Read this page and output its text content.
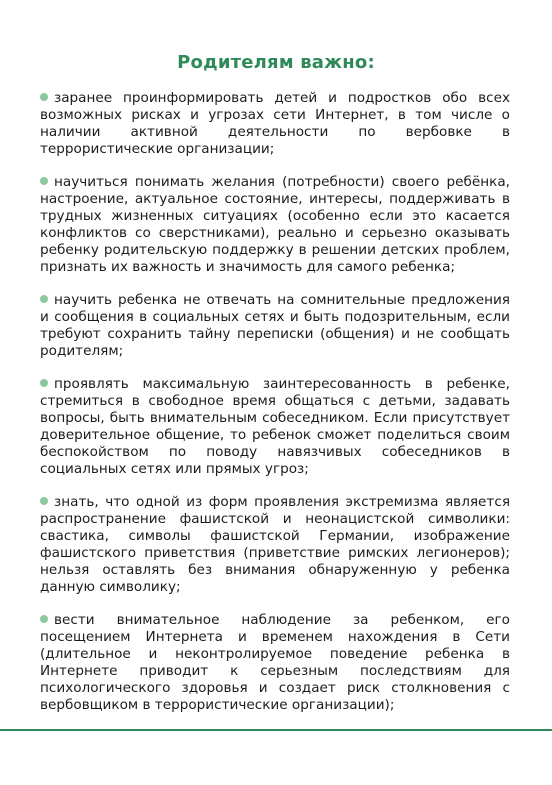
Родителям важно:
заранее проинформировать детей и подростков обо всех возможных рисках и угрозах сети Интернет, в том числе о наличии активной деятельности по вербовке в террористические организации;
научиться понимать желания (потребности) своего ребёнка, настроение, актуальное состояние, интересы, поддерживать в трудных жизненных ситуациях (особенно если это касается конфликтов со сверстниками), реально и серьезно оказывать ребенку родительскую поддержку в решении детских проблем, признать их важность и значимость для самого ребенка;
научить ребенка не отвечать на сомнительные предложения и сообщения в социальных сетях и быть подозрительным, если требуют сохранить тайну переписки (общения) и не сообщать родителям;
проявлять максимальную заинтересованность в ребенке, стремиться в свободное время общаться с детьми, задавать вопросы, быть внимательным собеседником. Если присутствует доверительное общение, то ребенок сможет поделиться своим беспокойством по поводу навязчивых собеседников в социальных сетях или прямых угроз;
знать, что одной из форм проявления экстремизма является распространение фашистской и неонацистской символики: свастика, символы фашистской Германии, изображение фашистского приветствия (приветствие римских легионеров); нельзя оставлять без внимания обнаруженную у ребенка данную символику;
вести внимательное наблюдение за ребенком, его посещением Интернета и временем нахождения в Сети (длительное и неконтролируемое поведение ребенка в Интернете приводит к серьезным последствиям для психологического здоровья и создает риск столкновения с вербовщиком в террористические организации);
